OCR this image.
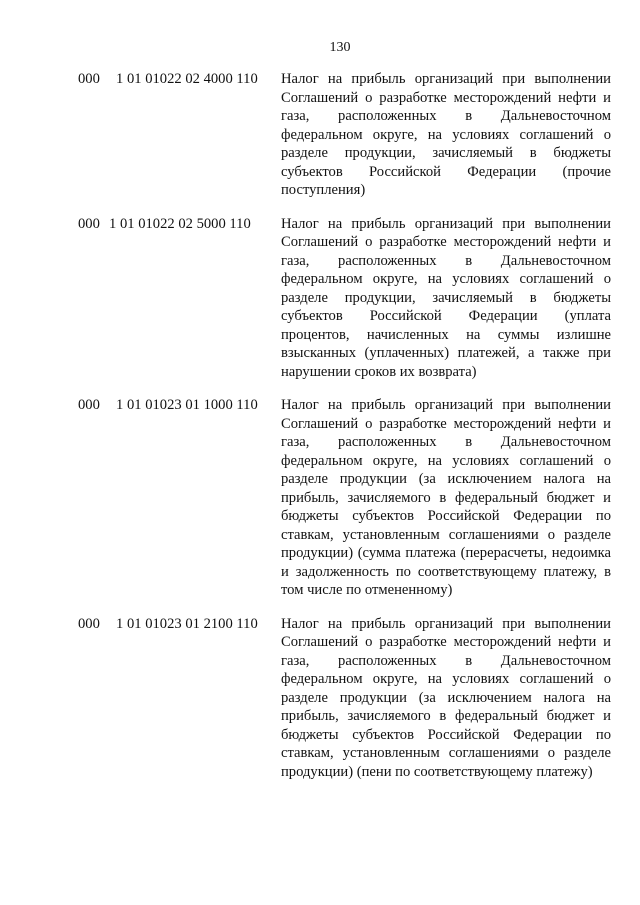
130
000 1 01 01022 02 4000 110 Налог на прибыль организаций при выполнении Соглашений о разработке месторождений нефти и газа, расположенных в Дальневосточном федеральном округе, на условиях соглашений о разделе продукции, зачисляемый в бюджеты субъектов Российской Федерации (прочие поступления)
000 1 01 01022 02 5000 110 Налог на прибыль организаций при выполнении Соглашений о разработке месторождений нефти и газа, расположенных в Дальневосточном федеральном округе, на условиях соглашений о разделе продукции, зачисляемый в бюджеты субъектов Российской Федерации (уплата процентов, начисленных на суммы излишне взысканных (уплаченных) платежей, а также при нарушении сроков их возврата)
000 1 01 01023 01 1000 110 Налог на прибыль организаций при выполнении Соглашений о разработке месторождений нефти и газа, расположенных в Дальневосточном федеральном округе, на условиях соглашений о разделе продукции (за исключением налога на прибыль, зачисляемого в федеральный бюджет и бюджеты субъектов Российской Федерации по ставкам, установленным соглашениями о разделе продукции) (сумма платежа (перерасчеты, недоимка и задолженность по соответствующему платежу, в том числе по отмененному)
000 1 01 01023 01 2100 110 Налог на прибыль организаций при выполнении Соглашений о разработке месторождений нефти и газа, расположенных в Дальневосточном федеральном округе, на условиях соглашений о разделе продукции (за исключением налога на прибыль, зачисляемого в федеральный бюджет и бюджеты субъектов Российской Федерации по ставкам, установленным соглашениями о разделе продукции) (пени по соответствующему платежу)
